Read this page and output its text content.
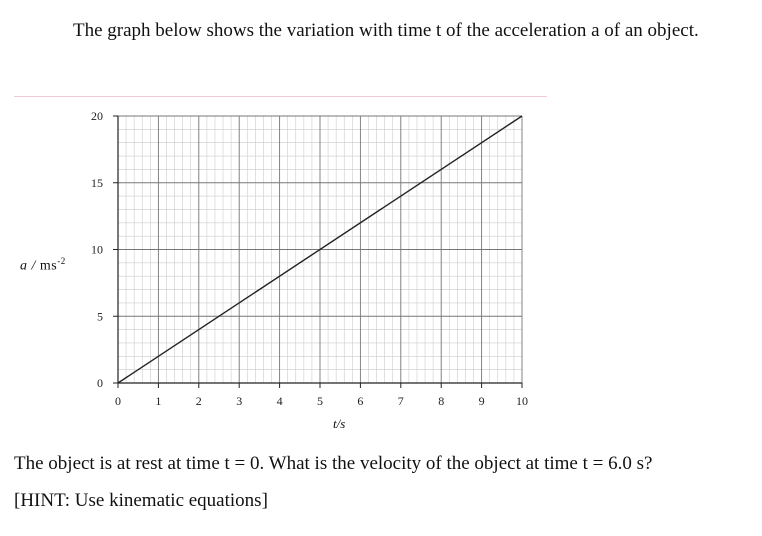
The graph below shows the variation with time t of the acceleration a of an object.
a / $ms^{-2}$
0	1	2	3	4	5	6	7	8	9	10
0
5
10
15
20
t/s
The object is at rest at time t = 0. What is the velocity of the object at time t = 6.0 s?
[HINT: Use kinematic equations]
